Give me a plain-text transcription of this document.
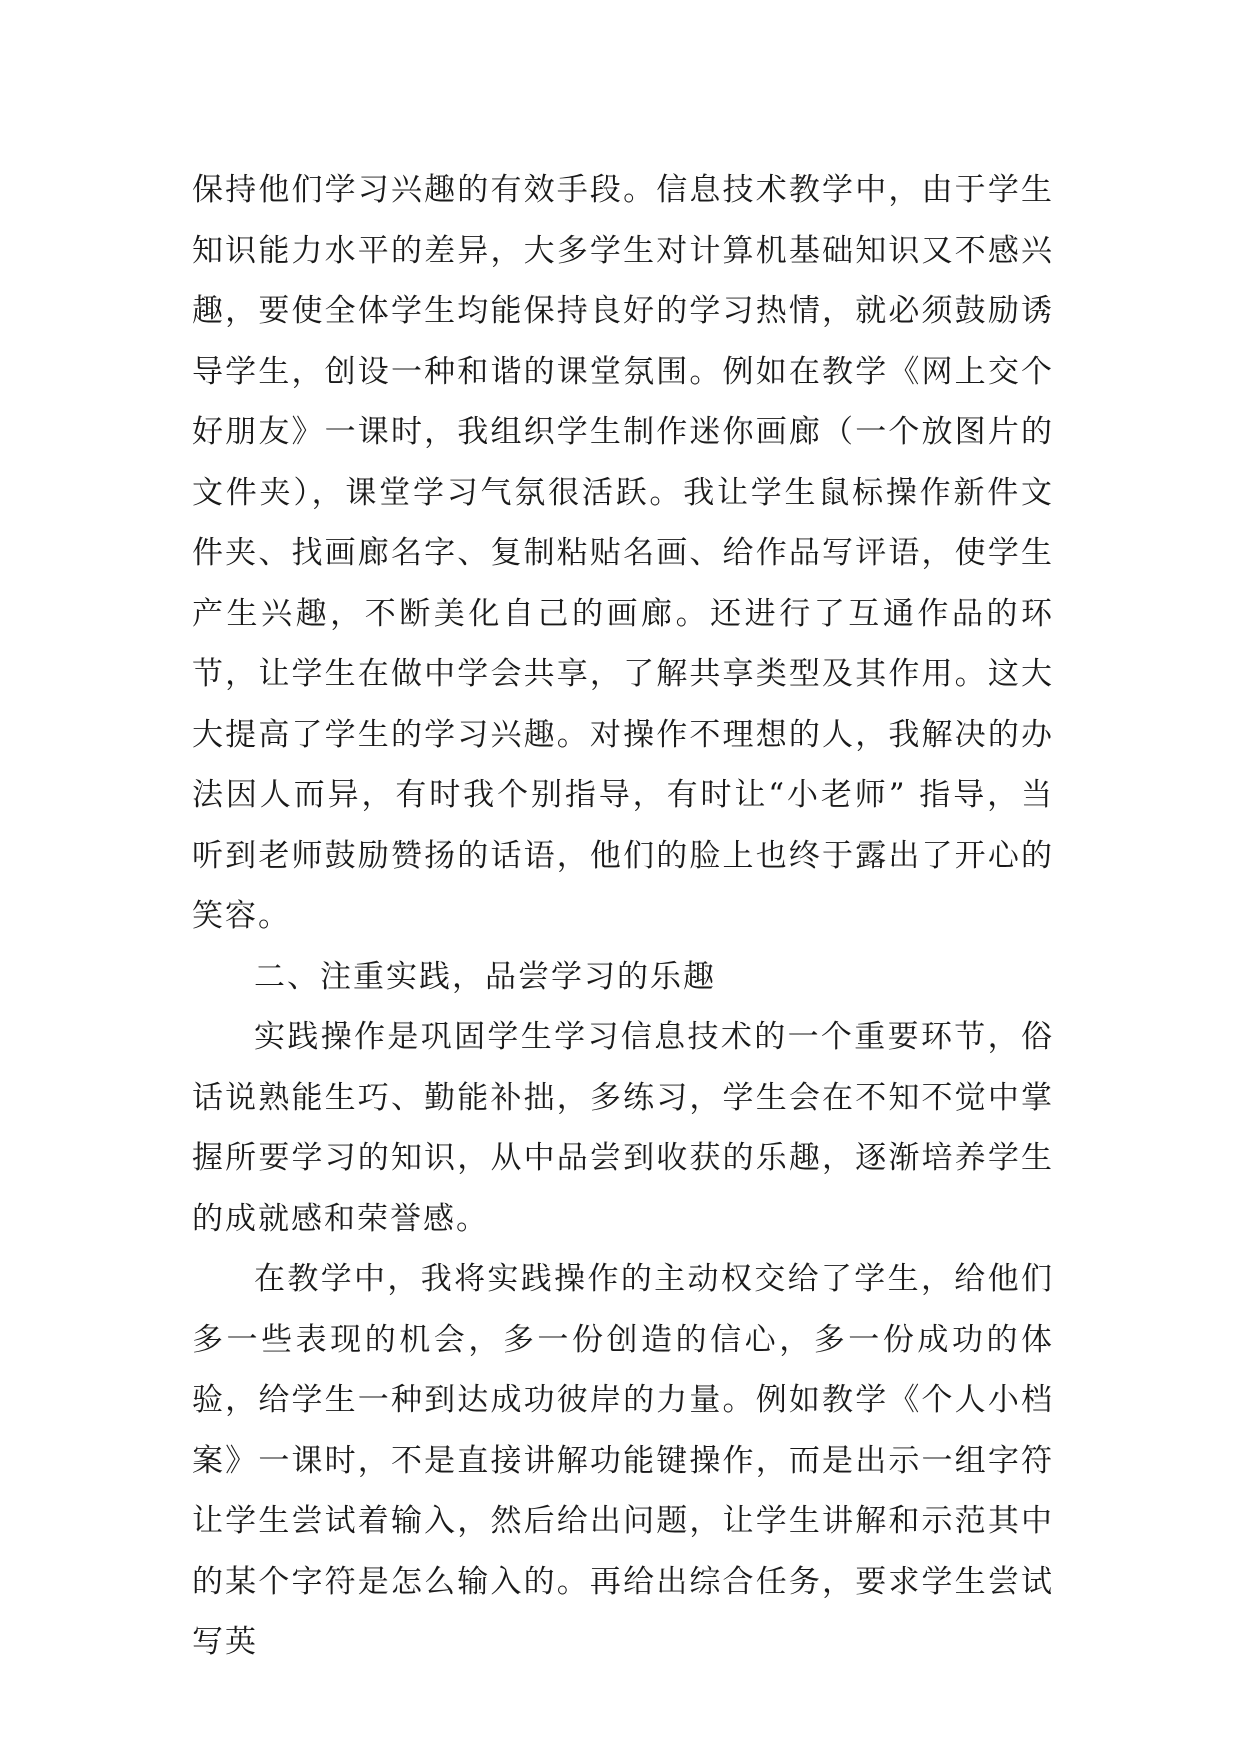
保持他们学习兴趣的有效手段。信息技术教学中，由于学生知识能力水平的差异，大多学生对计算机基础知识又不感兴趣，要使全体学生均能保持良好的学习热情，就必须鼓励诱导学生，创设一种和谐的课堂氛围。例如在教学《网上交个好朋友》一课时，我组织学生制作迷你画廊（一个放图片的文件夹），课堂学习气氛很活跃。我让学生鼠标操作新件文件夹、找画廊名字、复制粘贴名画、给作品写评语，使学生产生兴趣，不断美化自己的画廊。还进行了互通作品的环节，让学生在做中学会共享，了解共享类型及其作用。这大大提高了学生的学习兴趣。对操作不理想的人，我解决的办法因人而异，有时我个别指导，有时让“小老师” 指导，当听到老师鼓励赞扬的话语，他们的脸上也终于露出了开心的笑容。

二、注重实践，品尝学习的乐趣

实践操作是巩固学生学习信息技术的一个重要环节，俗话说熟能生巧、勤能补拙，多练习，学生会在不知不觉中掌握所要学习的知识，从中品尝到收获的乐趣，逐渐培养学生的成就感和荣誉感。

在教学中，我将实践操作的主动权交给了学生，给他们多一些表现的机会，多一份创造的信心，多一份成功的体验，给学生一种到达成功彼岸的力量。例如教学《个人小档案》一课时，不是直接讲解功能键操作，而是出示一组字符让学生尝试着输入，然后给出问题，让学生讲解和示范其中的某个字符是怎么输入的。再给出综合任务，要求学生尝试写英
